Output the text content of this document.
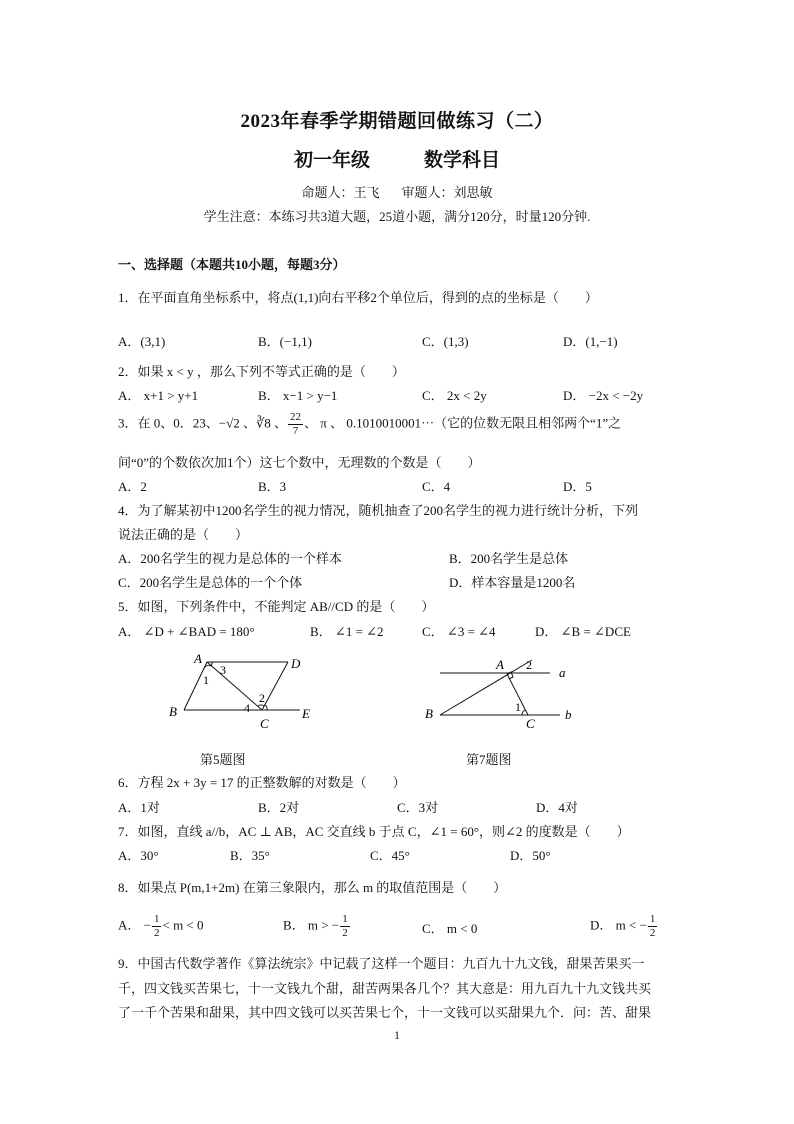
2023年春季学期错题回做练习（二）
初一年级	数学科目
命题人：王飞 审题人：刘思敏
学生注意：本练习共3道大题，25道小题，满分120分，时量120分钟.
一、选择题（本题共10小题，每题3分）
1．在平面直角坐标系中，将点(1,1)向右平移2个单位后，得到的点的坐标是（　　）
A．(3,1)	B．(−1,1)	C．(1,3)	D．(1,−1)
2．如果 x < y ，那么下列不等式正确的是（　　）
A． x+1 > y+1	B． x−1 > y−1	C． 2x < 2y	D． −2x < −2y
3．在 0、0．23、−√2 、∛8 、 $\frac{22}{7}$ 、 π 、 0.1010010001⋯（它的位数无限且相邻两个“1”之
间“0”的个数依次加1个）这七个数中，无理数的个数是（　　）
A．2	B．3	C．4	D．5
4．为了解某初中1200名学生的视力情况，随机抽查了200名学生的视力进行统计分析，下列
说法正确的是（　　）
A．200名学生的视力是总体的一个样本	B．200名学生是总体
C．200名学生是总体的一个个体	D．样本容量是1200名
5．如图，下列条件中，不能判定 AB//CD 的是（　　）
A． ∠D + ∠BAD = 180°	B． ∠1 = ∠2	C． ∠3 = ∠4	D． ∠B = ∠DCE
A	D
B
C
E
1
2
3
4
第5题图
A
B
C
a
b
1
2
第7题图
6．方程 2x + 3y = 17 的正整数解的对数是（　　）
A．1对	B．2对	C．3对	D．4对
7．如图，直线 a//b，AC ⊥ AB，AC 交直线 b 于点 C，∠1 = 60°，则∠2 的度数是（　　）
A．30°	B．35°	C．45°	D．50°
8．如果点 P(m,1+2m) 在第三象限内，那么 m 的取值范围是（　　）
A． − $\frac{1}{2} < m < 0$	B． m > − $\frac{1}{2}$	C． m < 0	D． m < − $\frac{1}{2}$
9．中国古代数学著作《算法统宗》中记载了这样一个题目：九百九十九文钱，甜果苦果买一
千，四文钱买苦果七，十一文钱九个甜，甜苦两果各几个？其大意是：用九百九十九文钱共买
了一千个苦果和甜果，其中四文钱可以买苦果七个，十一文钱可以买甜果九个．问：苦、甜果
1
